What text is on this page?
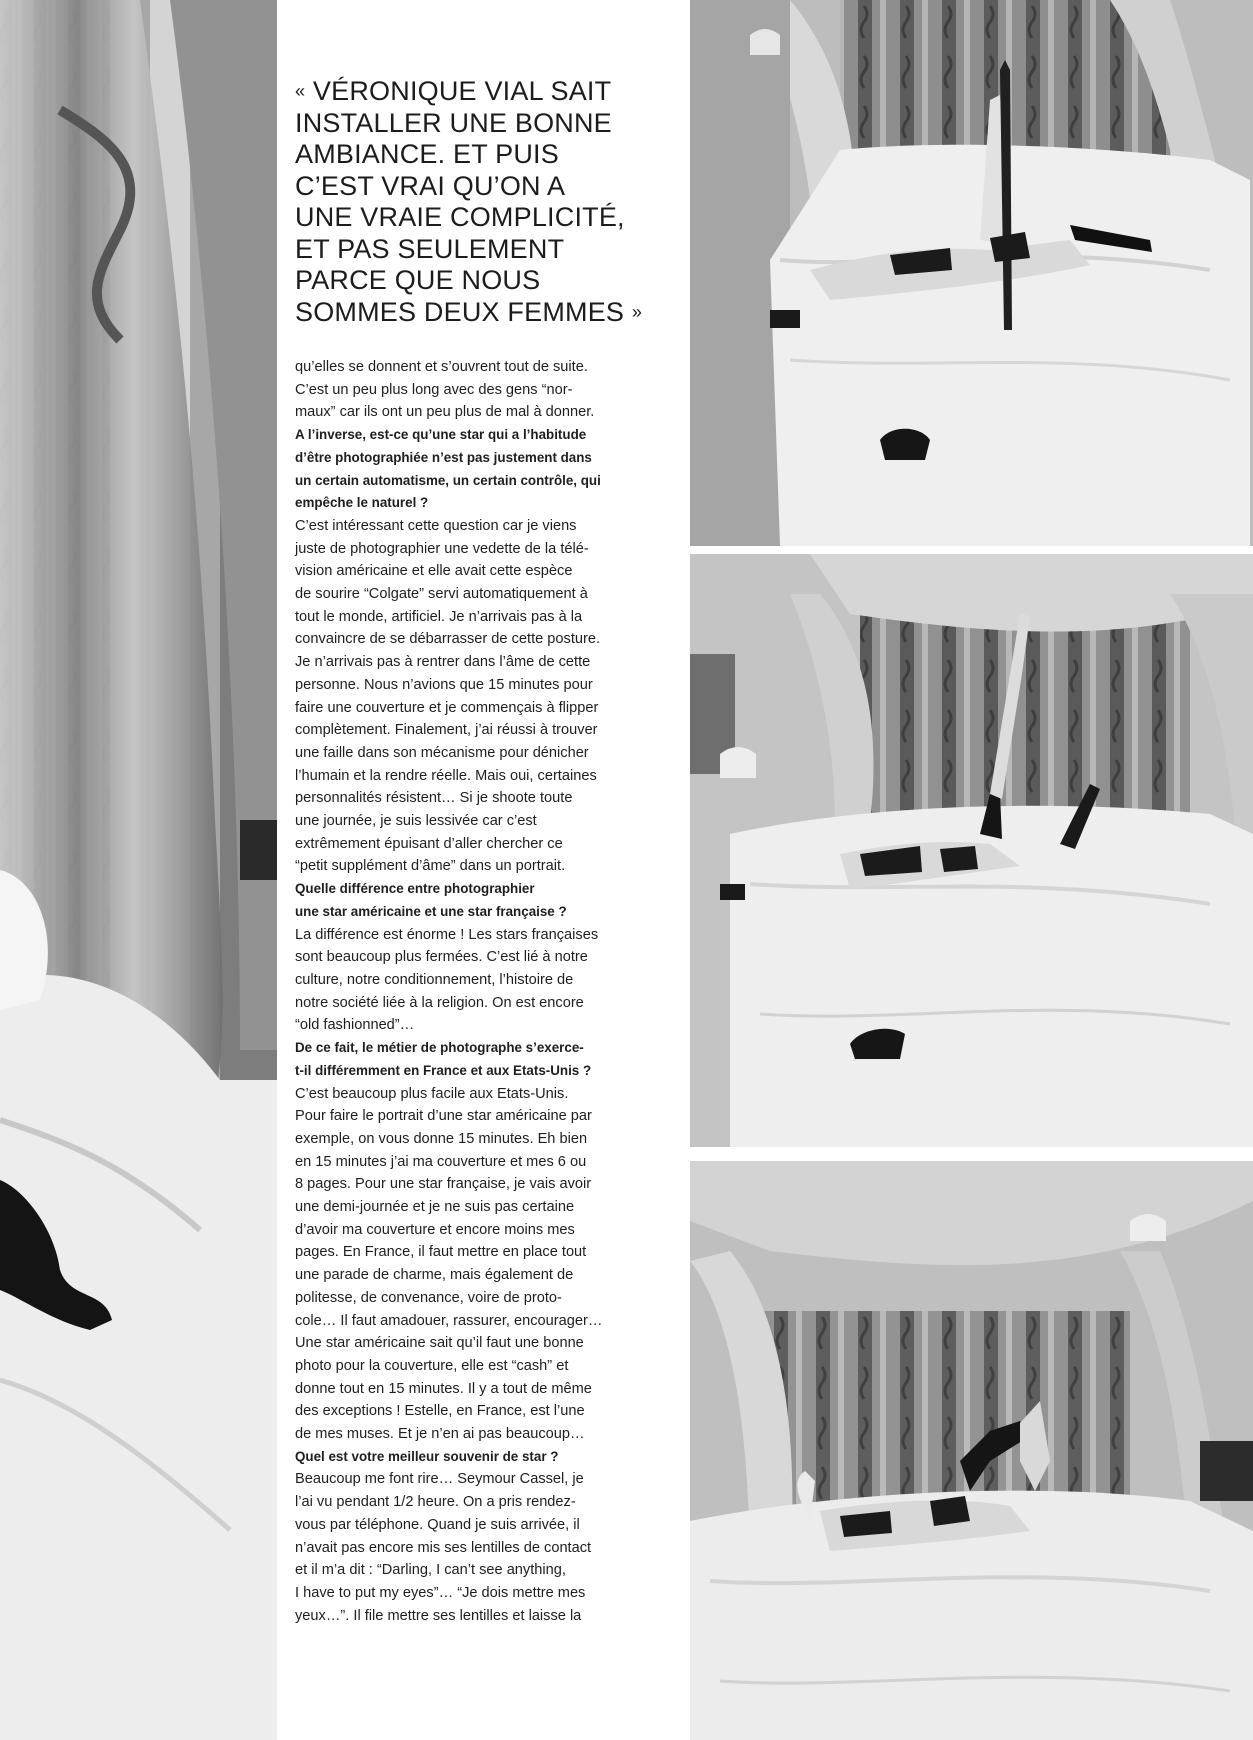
« VÉRONIQUE VIAL SAIT
INSTALLER UNE BONNE
AMBIANCE. ET PUIS
C’EST VRAI QU’ON A
UNE VRAIE COMPLICITÉ,
ET PAS SEULEMENT
PARCE QUE NOUS
SOMMES DEUX FEMMES »

qu’elles se donnent et s’ouvrent tout de suite.

C’est un peu plus long avec des gens “nor-

maux” car ils ont un peu plus de mal à donner.

A l’inverse, est-ce qu’une star qui a l’habitude

d’être photographiée n’est pas justement dans

un certain automatisme, un certain contrôle, qui

empêche le naturel ?

C’est intéressant cette question car je viens

juste de photographier une vedette de la télé-

vision américaine et elle avait cette espèce

de sourire “Colgate” servi automatiquement à

tout le monde, artificiel. Je n’arrivais pas à la

convaincre de se débarrasser de cette posture.

Je n’arrivais pas à rentrer dans l’âme de cette

personne. Nous n’avions que 15 minutes pour

faire une couverture et je commençais à flipper

complètement. Finalement, j’ai réussi à trouver

une faille dans son mécanisme pour dénicher

l’humain et la rendre réelle. Mais oui, certaines

personnalités résistent… Si je shoote toute

une journée, je suis lessivée car c’est

extrêmement épuisant d’aller chercher ce

“petit supplément d’âme” dans un portrait.

Quelle différence entre photographier

une star américaine et une star française ?

La différence est énorme ! Les stars françaises

sont beaucoup plus fermées. C’est lié à notre

culture, notre conditionnement, l’histoire de

notre société liée à la religion. On est encore

“old fashionned”…

De ce fait, le métier de photographe s’exerce-

t-il différemment en France et aux Etats-Unis ?

C’est beaucoup plus facile aux Etats-Unis.

Pour faire le portrait d’une star américaine par

exemple, on vous donne 15 minutes. Eh bien

en 15 minutes j’ai ma couverture et mes 6 ou

8 pages. Pour une star française, je vais avoir

une demi-journée et je ne suis pas certaine

d’avoir ma couverture et encore moins mes

pages. En France, il faut mettre en place tout

une parade de charme, mais également de

politesse, de convenance, voire de proto-

cole… Il faut amadouer, rassurer, encourager…

Une star américaine sait qu’il faut une bonne

photo pour la couverture, elle est “cash” et

donne tout en 15 minutes. Il y a tout de même

des exceptions ! Estelle, en France, est l’une

de mes muses. Et je n’en ai pas beaucoup…

Quel est votre meilleur souvenir de star ?

Beaucoup me font rire… Seymour Cassel, je

l’ai vu pendant 1/2 heure. On a pris rendez-

vous par téléphone. Quand je suis arrivée, il

n’avait pas encore mis ses lentilles de contact

et il m’a dit : “Darling, I can’t see anything,

I have to put my eyes”… “Je dois mettre mes

yeux…”. Il file mettre ses lentilles et laisse la
